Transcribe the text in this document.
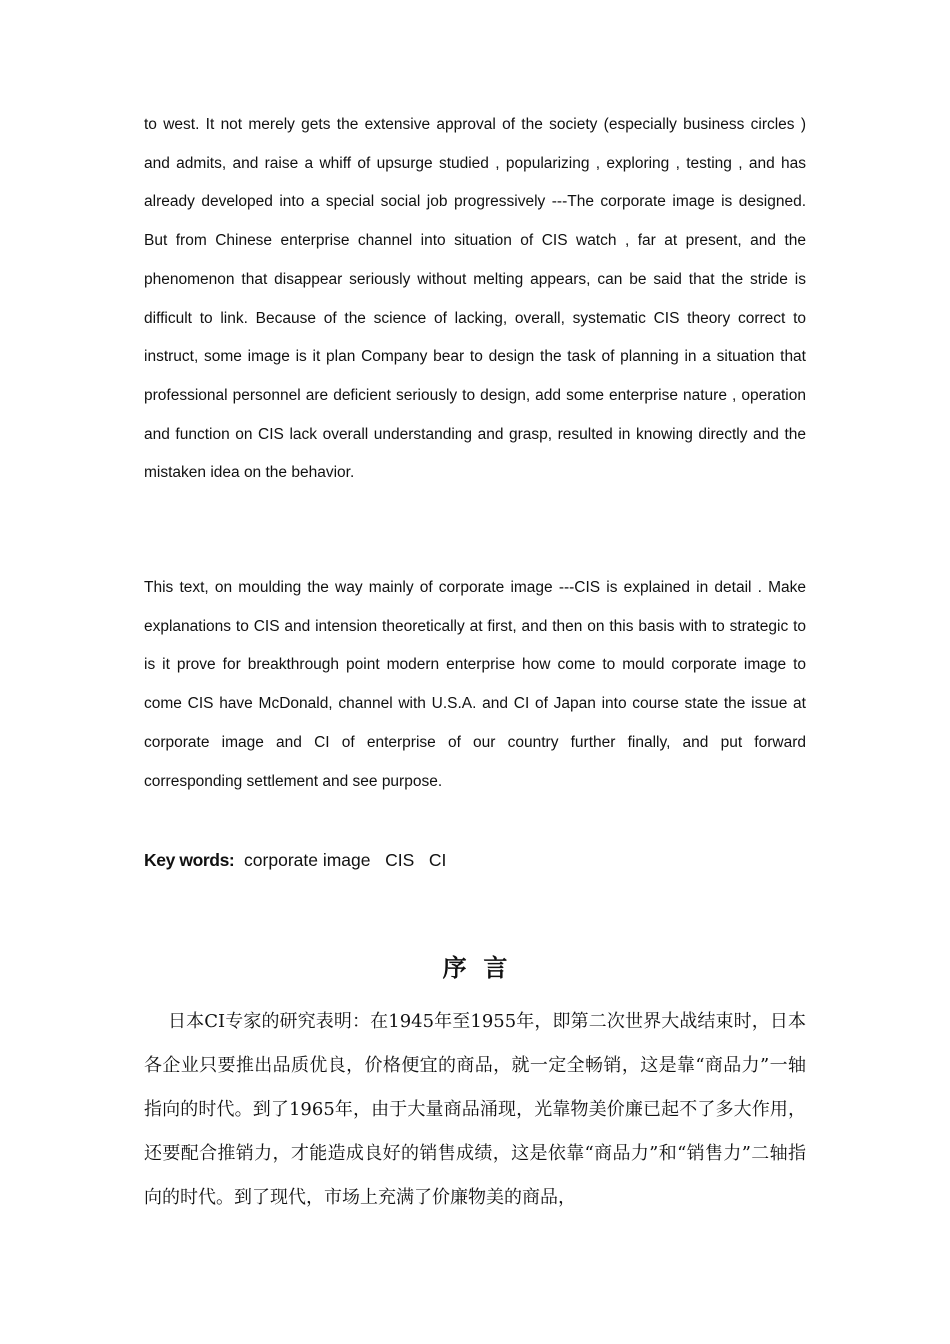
to west. It not merely gets the extensive approval of the society (especially business circles ) and admits, and raise a whiff of upsurge studied , popularizing , exploring , testing , and has already developed into a special social job progressively ---The corporate image is designed. But from Chinese enterprise channel into situation of CIS watch , far at present, and the phenomenon that disappear seriously without melting appears, can be said that the stride is difficult to link. Because of the science of lacking, overall, systematic CIS theory correct to instruct, some image is it plan Company bear to design the task of planning in a situation that professional personnel are deficient seriously to design, add some enterprise nature , operation and function on CIS lack overall understanding and grasp, resulted in knowing directly and the mistaken idea on the behavior.

This text, on moulding the way mainly of corporate image ---CIS is explained in detail . Make explanations to CIS and intension theoretically at first, and then on this basis with to strategic to is it prove for breakthrough point modern enterprise how come to mould corporate image to come CIS have McDonald, channel with U.S.A. and CI of Japan into course state the issue at corporate image and CI of enterprise of our country further finally, and put forward corresponding settlement and see purpose.

Key words:  corporate image   CIS   CI
序  言

日本CI专家的研究表明：在1945年至1955年，即第二次世界大战结束时，日本各企业只要推出品质优良，价格便宜的商品，就一定全畅销，这是靠“商品力”一轴指向的时代。到了1965年，由于大量商品涌现，光靠物美价廉已起不了多大作用，还要配合推销力，才能造成良好的销售成绩，这是依靠“商品力”和“销售力”二轴指向的时代。到了现代，市场上充满了价廉物美的商品，
